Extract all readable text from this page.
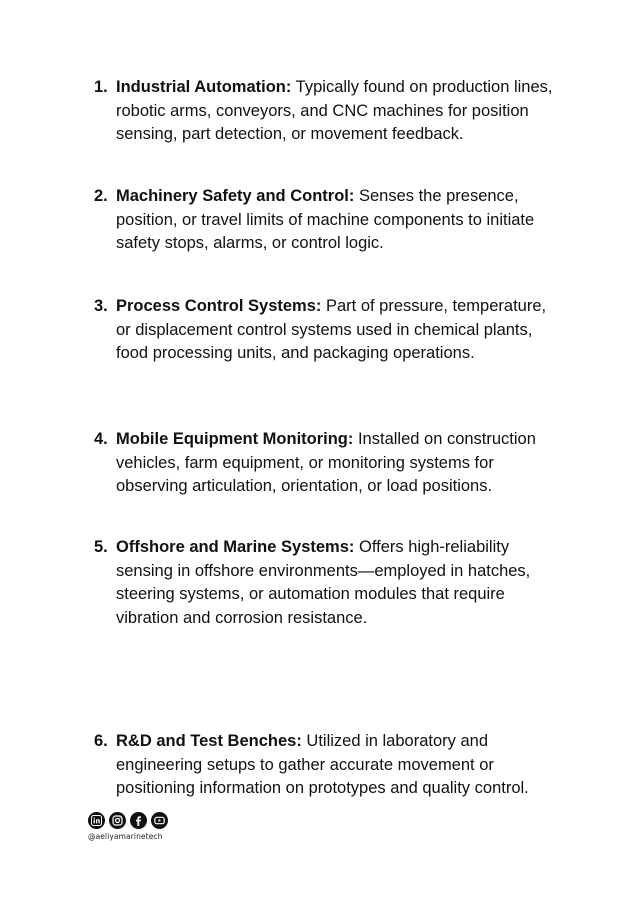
1. Industrial Automation: Typically found on production lines, robotic arms, conveyors, and CNC machines for position sensing, part detection, or movement feedback.
2. Machinery Safety and Control: Senses the presence, position, or travel limits of machine components to initiate safety stops, alarms, or control logic.
3. Process Control Systems: Part of pressure, temperature, or displacement control systems used in chemical plants, food processing units, and packaging operations.
4. Mobile Equipment Monitoring: Installed on construction vehicles, farm equipment, or monitoring systems for observing articulation, orientation, or load positions.
5. Offshore and Marine Systems: Offers high-reliability sensing in offshore environments—employed in hatches, steering systems, or automation modules that require vibration and corrosion resistance.
6. R&D and Test Benches: Utilized in laboratory and engineering setups to gather accurate movement or positioning information on prototypes and quality control.
@aeliyamarinetech
